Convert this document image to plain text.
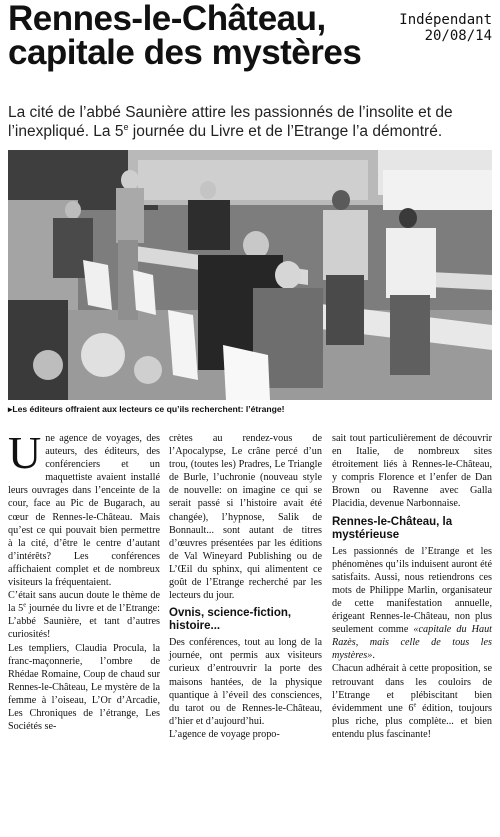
Rennes-le-Château,
capitale des mystères
Indépendant
20/08/14
La cité de l’abbé Saunière attire les passionnés de l’insolite et de l’inexpliqué. La 5e journée du Livre et de l’Etrange l’a démontré.
▸Les éditeurs offraient aux lecteurs ce qu’ils recherchent: l’étrange!

Une agence de voyages, des auteurs, des éditeurs, des conférenciers et un maquettiste avaient installé leurs ouvrages dans l’enceinte de la cour, face au Pic de Bugarach, au cœur de Rennes-le-Château. Mais qu’est ce qui pouvait bien permettre à la cité, d’être le centre d’autant d’intérêts? Les conférences affichaient complet et de nombreux visiteurs la fréquentaient.

C’était sans aucun doute le thème de la 5e journée du livre et de l’Etrange: L’abbé Saunière, et tant d’autres curiosités!

Les templiers, Claudia Procula, la franc-maçonnerie, l’ombre de Rhédae Romaine, Coup de chaud sur Rennes-le-Château, Le mystère de la femme à l’oiseau, L’Or d’Arcadie, Les Chroniques de l’étrange, Les Sociétés se-

crètes au rendez-vous de l’Apocalypse, Le crâne percé d’un trou, (toutes les) Pradres, Le Triangle de Burle, l’uchronie (nouveau style de nouvelle: on imagine ce qui se serait passé si l’histoire avait été changée), l’hypnose, Salik de Bonnault... sont autant de titres d’œuvres présentées par les éditions de Val Wineyard Publishing ou de L’Œil du sphinx, qui alimentent ce goût de l’Etrange recherché par les lecteurs du jour.

Ovnis, science-fiction, histoire...

Des conférences, tout au long de la journée, ont permis aux visiteurs curieux d’entrouvrir la porte des maisons hantées, de la physique quantique à l’éveil des consciences, du tarot ou de Rennes-le-Château, d’hier et d’aujourd’hui.

L’agence de voyage propo-

sait tout particulièrement de découvrir en Italie, de nombreux sites étroitement liés à Rennes-le-Château, y compris Florence et l’enfer de Dan Brown ou Ravenne avec Galla Placidia, devenue Narbonnaise.

Rennes-le-Château, la mystérieuse

Les passionnés de l’Etrange et les phénomènes qu’ils induisent auront été satisfaits. Aussi, nous retiendrons ces mots de Philippe Marlin, organisateur de cette manifestation annuelle, érigeant Rennes-le-Château, non plus seulement comme «capitale du Haut Razès, mais celle de tous les mystères».

Chacun adhérait à cette proposition, se retrouvant dans les couloirs de l’Etrange et plébiscitant bien évidemment une 6e édition, toujours plus riche, plus complète... et bien entendu plus fascinante!
